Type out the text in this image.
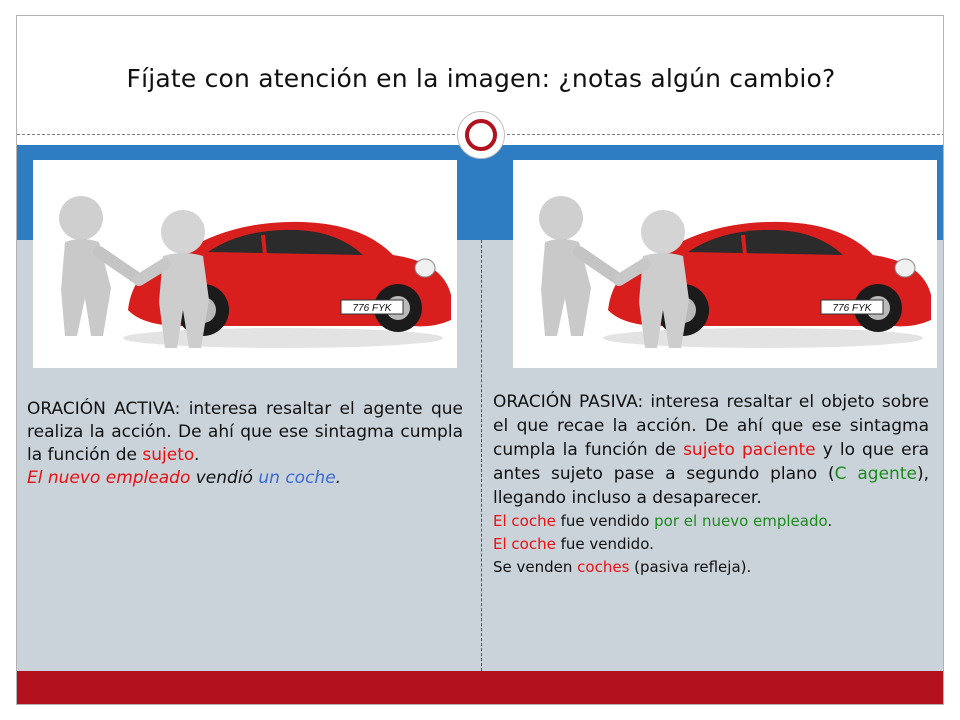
Fíjate con atención en la imagen: ¿notas algún cambio?
776 FYK	776 FYK

ORACIÓN ACTIVA: interesa resaltar el agente que realiza la acción. De ahí que ese sintagma cumpla la función de sujeto.

El nuevo empleado vendió un coche.

ORACIÓN PASIVA: interesa resaltar el objeto sobre el que recae la acción. De ahí que ese sintagma cumpla la función de sujeto paciente y lo que era antes sujeto pase a segundo plano (C agente), llegando incluso a desaparecer.

El coche fue vendido por el nuevo empleado.

El coche fue vendido.

Se venden coches (pasiva refleja).
